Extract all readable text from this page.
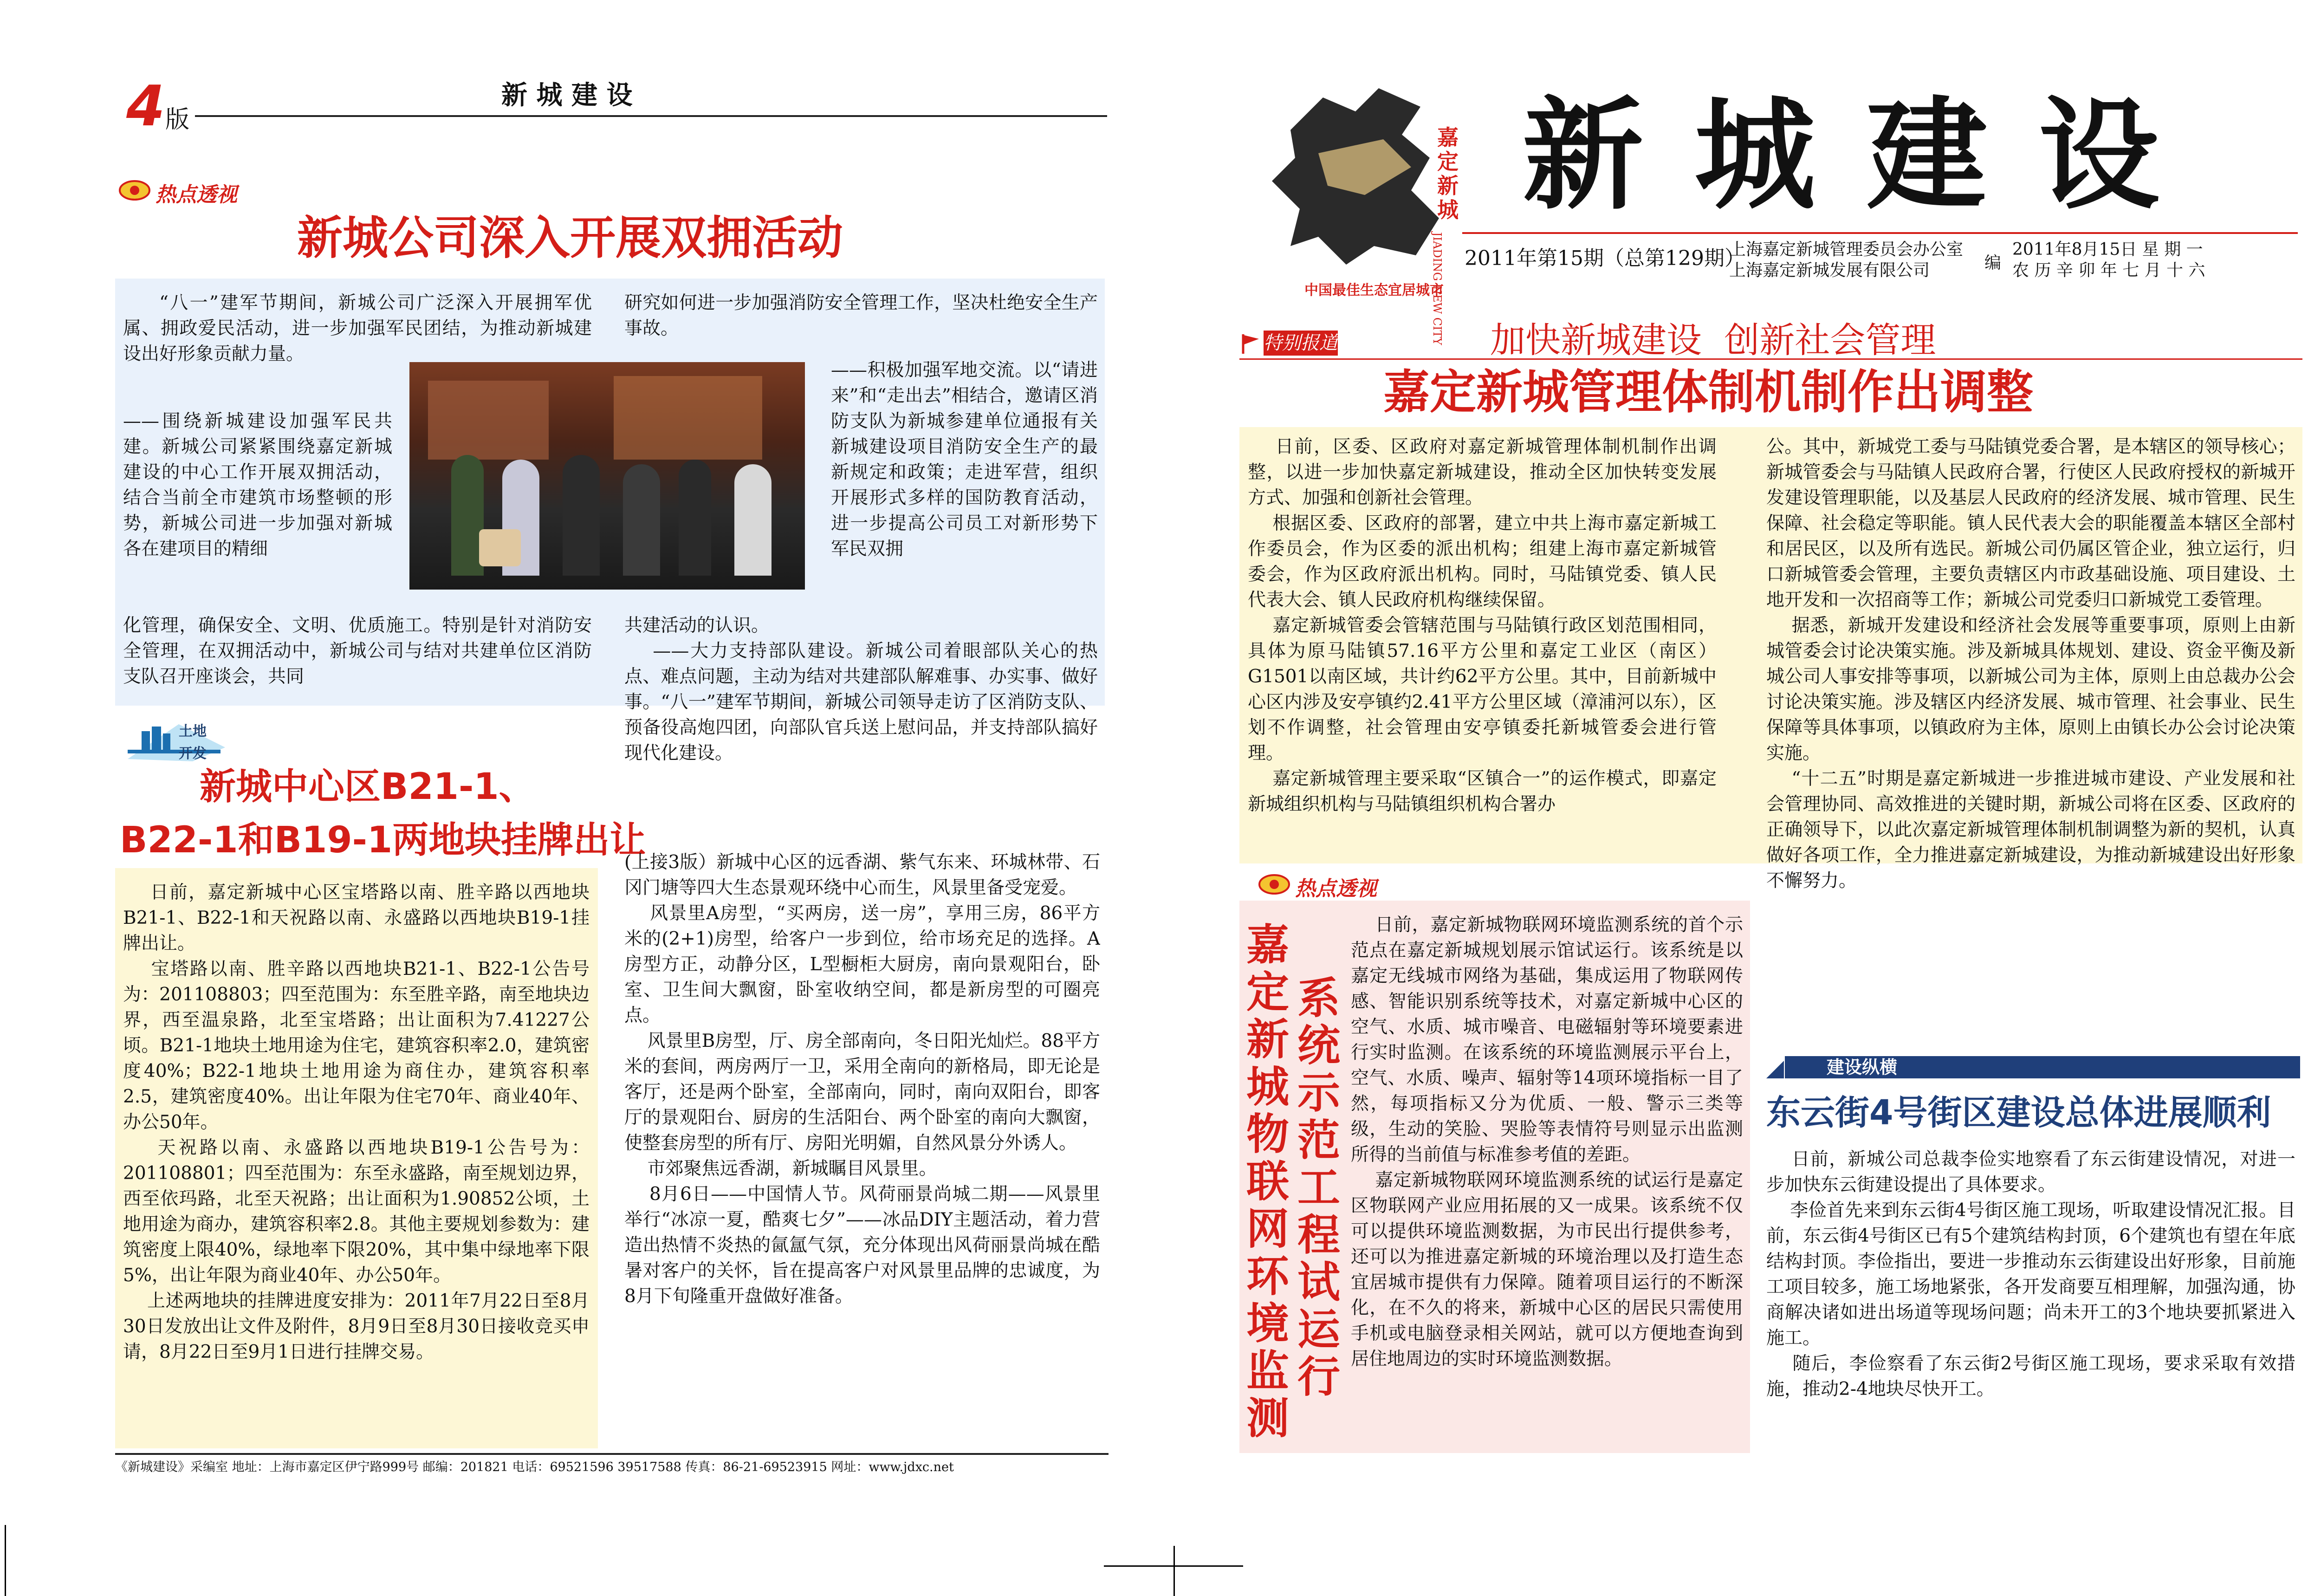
4 版
新 城 建 设
热点透视
新城公司深入开展双拥活动

“八一”建军节期间，新城公司广泛深入开展拥军优属、拥政爱民活动，进一步加强军民团结，为推动新城建设出好形象贡献力量。

——围绕新城建设加强军民共建。新城公司紧紧围绕嘉定新城建设的中心工作开展双拥活动，结合当前全市建筑市场整顿的形势，新城公司进一步加强对新城各在建项目的精细

化管理，确保安全、文明、优质施工。特别是针对消防安全管理，在双拥活动中，新城公司与结对共建单位区消防支队召开座谈会，共同

研究如何进一步加强消防安全管理工作，坚决杜绝安全生产事故。

——积极加强军地交流。以“请进来”和“走出去”相结合，邀请区消防支队为新城参建单位通报有关新城建设项目消防安全生产的最新规定和政策；走进军营，组织开展形式多样的国防教育活动，进一步提高公司员工对新形势下军民双拥

共建活动的认识。
——大力支持部队建设。新城公司着眼部队关心的热点、难点问题，主动为结对共建部队解难事、办实事、做好事。“八一”建军节期间，新城公司领导走访了区消防支队、预备役高炮四团，向部队官兵送上慰问品，并支持部队搞好现代化建设。

土地
开发
新城中心区B21-1、
B22-1和B19-1两地块挂牌出让

日前，嘉定新城中心区宝塔路以南、胜辛路以西地块B21-1、B22-1和天祝路以南、永盛路以西地块B19-1挂牌出让。
宝塔路以南、胜辛路以西地块B21-1、B22-1公告号为：201108803；四至范围为：东至胜辛路，南至地块边界，西至温泉路，北至宝塔路；出让面积为7.41227公顷。B21-1地块土地用途为住宅，建筑容积率2.0，建筑密度40%；B22-1地块土地用途为商住办，建筑容积率2.5，建筑密度40%。出让年限为住宅70年、商业40年、办公50年。
天祝路以南、永盛路以西地块B19-1公告号为：201108801；四至范围为：东至永盛路，南至规划边界，西至依玛路，北至天祝路；出让面积为1.90852公顷，土地用途为商办，建筑容积率2.8。其他主要规划参数为：建筑密度上限40%，绿地率下限20%，其中集中绿地率下限5%，出让年限为商业40年、办公50年。
上述两地块的挂牌进度安排为：2011年7月22日至8月30日发放出让文件及附件，8月9日至8月30日接收竞买申请，8月22日至9月1日进行挂牌交易。

(上接3版）新城中心区的远香湖、紫气东来、环城林带、石冈门塘等四大生态景观环绕中心而生，风景里备受宠爱。
风景里A房型，“买两房，送一房”，享用三房，86平方米的(2+1)房型，给客户一步到位，给市场充足的选择。A房型方正，动静分区，L型橱柜大厨房，南向景观阳台，卧室、卫生间大飘窗，卧室收纳空间，都是新房型的可圈亮点。
风景里B房型，厅、房全部南向，冬日阳光灿烂。88平方米的套间，两房两厅一卫，采用全南向的新格局，即无论是客厅，还是两个卧室，全部南向，同时，南向双阳台，即客厅的景观阳台、厨房的生活阳台、两个卧室的南向大飘窗，使整套房型的所有厅、房阳光明媚，自然风景分外诱人。
市郊聚焦远香湖，新城瞩目风景里。
8月6日——中国情人节。风荷丽景尚城二期——风景里举行“冰凉一夏，酷爽七夕”——冰品DIY主题活动，着力营造出热情不炎热的氤氲气氛，充分体现出风荷丽景尚城在酷暑对客户的关怀，旨在提高客户对风景里品牌的忠诚度，为8月下旬隆重开盘做好准备。

《新城建设》采编室 地址：上海市嘉定区伊宁路999号 邮编：201821 电话：69521596 39517588 传真：86-21-69523915 网址：www.jdxc.net
嘉定新城
JIADING NEW CITY
中国最佳生态宜居城市
新 城 建 设
2011年第15期（总第129期）
上海嘉定新城管理委员会办公室
上海嘉定新城发展有限公司	编
2011年8月15日 星 期 一
农 历 辛 卯 年 七 月 十 六
特别报道	加快新城建设  创新社会管理
嘉定新城管理体制机制作出调整

日前，区委、区政府对嘉定新城管理体制机制作出调整，以进一步加快嘉定新城建设，推动全区加快转变发展方式、加强和创新社会管理。
根据区委、区政府的部署，建立中共上海市嘉定新城工作委员会，作为区委的派出机构；组建上海市嘉定新城管委会，作为区政府派出机构。同时，马陆镇党委、镇人民代表大会、镇人民政府机构继续保留。
嘉定新城管委会管辖范围与马陆镇行政区划范围相同，具体为原马陆镇57.16平方公里和嘉定工业区（南区）G1501以南区域，共计约62平方公里。其中，目前新城中心区内涉及安亭镇约2.41平方公里区域（漳浦河以东），区划不作调整，社会管理由安亭镇委托新城管委会进行管理。
嘉定新城管理主要采取“区镇合一”的运作模式，即嘉定新城组织机构与马陆镇组织机构合署办

公。其中，新城党工委与马陆镇党委合署，是本辖区的领导核心；新城管委会与马陆镇人民政府合署，行使区人民政府授权的新城开发建设管理职能，以及基层人民政府的经济发展、城市管理、民生保障、社会稳定等职能。镇人民代表大会的职能覆盖本辖区全部村和居民区，以及所有选民。新城公司仍属区管企业，独立运行，归口新城管委会管理，主要负责辖区内市政基础设施、项目建设、土地开发和一次招商等工作；新城公司党委归口新城党工委管理。
据悉，新城开发建设和经济社会发展等重要事项，原则上由新城管委会讨论决策实施。涉及新城具体规划、建设、资金平衡及新城公司人事安排等事项，以新城公司为主体，原则上由总裁办公会讨论决策实施。涉及辖区内经济发展、城市管理、社会事业、民生保障等具体事项，以镇政府为主体，原则上由镇长办公会讨论决策实施。
“十二五”时期是嘉定新城进一步推进城市建设、产业发展和社会管理协同、高效推进的关键时期，新城公司将在区委、区政府的正确领导下，以此次嘉定新城管理体制机制调整为新的契机，认真做好各项工作，全力推进嘉定新城建设，为推动新城建设出好形象不懈努力。

热点透视
嘉定新城物联网环境监测
系统示范工程试运行

日前，嘉定新城物联网环境监测系统的首个示范点在嘉定新城规划展示馆试运行。该系统是以嘉定无线城市网络为基础，集成运用了物联网传感、智能识别系统等技术，对嘉定新城中心区的空气、水质、城市噪音、电磁辐射等环境要素进行实时监测。在该系统的环境监测展示平台上，空气、水质、噪声、辐射等14项环境指标一目了然，每项指标又分为优质、一般、警示三类等级，生动的笑脸、哭脸等表情符号则显示出监测所得的当前值与标准参考值的差距。
嘉定新城物联网环境监测系统的试运行是嘉定区物联网产业应用拓展的又一成果。该系统不仅可以提供环境监测数据，为市民出行提供参考，还可以为推进嘉定新城的环境治理以及打造生态宜居城市提供有力保障。随着项目运行的不断深化，在不久的将来，新城中心区的居民只需使用手机或电脑登录相关网站，就可以方便地查询到居住地周边的实时环境监测数据。

建设纵横
东云街4号街区建设总体进展顺利

日前，新城公司总裁李俭实地察看了东云街建设情况，对进一步加快东云街建设提出了具体要求。
李俭首先来到东云街4号街区施工现场，听取建设情况汇报。目前，东云街4号街区已有5个建筑结构封顶，6个建筑也有望在年底结构封顶。李俭指出，要进一步推动东云街建设出好形象，目前施工项目较多，施工场地紧张，各开发商要互相理解，加强沟通，协商解决诸如进出场道等现场问题；尚未开工的3个地块要抓紧进入施工。
随后，李俭察看了东云街2号街区施工现场，要求采取有效措施，推动2-4地块尽快开工。
